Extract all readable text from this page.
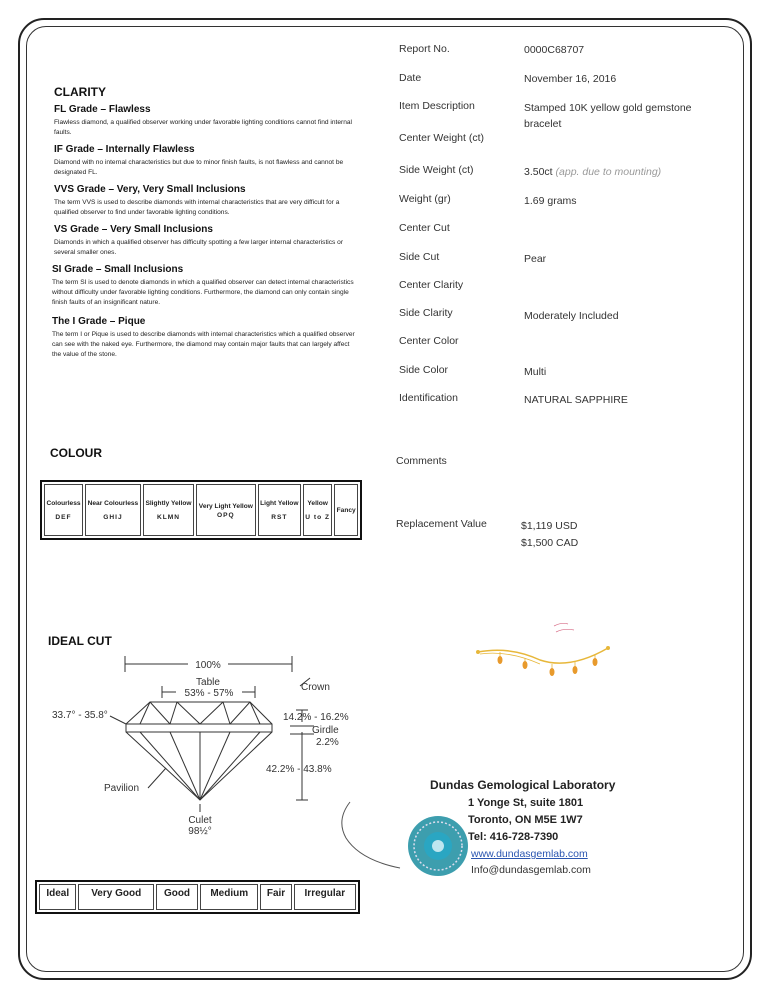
Report No.	0000C68707
Date	November 16, 2016
Item Description	Stamped 10K yellow gold gemstone bracelet
Center Weight (ct)
Side Weight (ct)	3.50ct (app. due to mounting)
Weight (gr)	1.69 grams
Center Cut
Side Cut	Pear
Center Clarity
Side Clarity	Moderately Included
Center Color
Side Color	Multi
Identification	NATURAL SAPPHIRE
Comments
Replacement Value	$1,119 USD
$1,500 CAD
CLARITY
FL Grade – Flawless
Flawless diamond, a qualified observer working under favorable lighting conditions cannot find internal faults.
IF Grade – Internally Flawless
Diamond with no internal characteristics but due to minor finish faults, is not flawless and cannot be designated FL.
VVS Grade – Very, Very Small Inclusions
The term VVS is used to describe diamonds with internal characteristics that are very difficult for a qualified observer to find under favorable lighting conditions.
VS Grade – Very Small Inclusions
Diamonds in which a qualified observer has difficulty spotting a few larger internal characteristics or several smaller ones.
SI Grade – Small Inclusions
The term SI is used to denote diamonds in which a qualified observer can detect internal characteristics without difficulty under favorable lighting conditions. Furthermore, the diamond can only contain single finish faults of an insignificant nature.
The I Grade – Pique
The term I or Pique is used to describe diamonds with internal characteristics which a qualified observer can see with the naked eye. Furthermore, the diamond may contain major faults that can largely affect the value of the stone.
COLOUR
Colourless
DEF

Near Colourless
GHIJ

Slightly Yellow
KLMN

Very Light Yellow
OPQ

Light Yellow
RST

Yellow
U to Z

Fancy
IDEAL CUT
100%
Table
53% - 57%
Crown
14.2% - 16.2%
Girdle
2.2%
33.7° - 35.8°
42.2% - 43.8%
Pavilion
Culet
98½°
Ideal	Very Good	Good	Medium	Fair	Irregular
Dundas Gemological Laboratory
1 Yonge St, suite 1801
Toronto, ON M5E 1W7
Tel: 416-728-7390
www.dundasgemlab.com
Info@dundasgemlab.com
